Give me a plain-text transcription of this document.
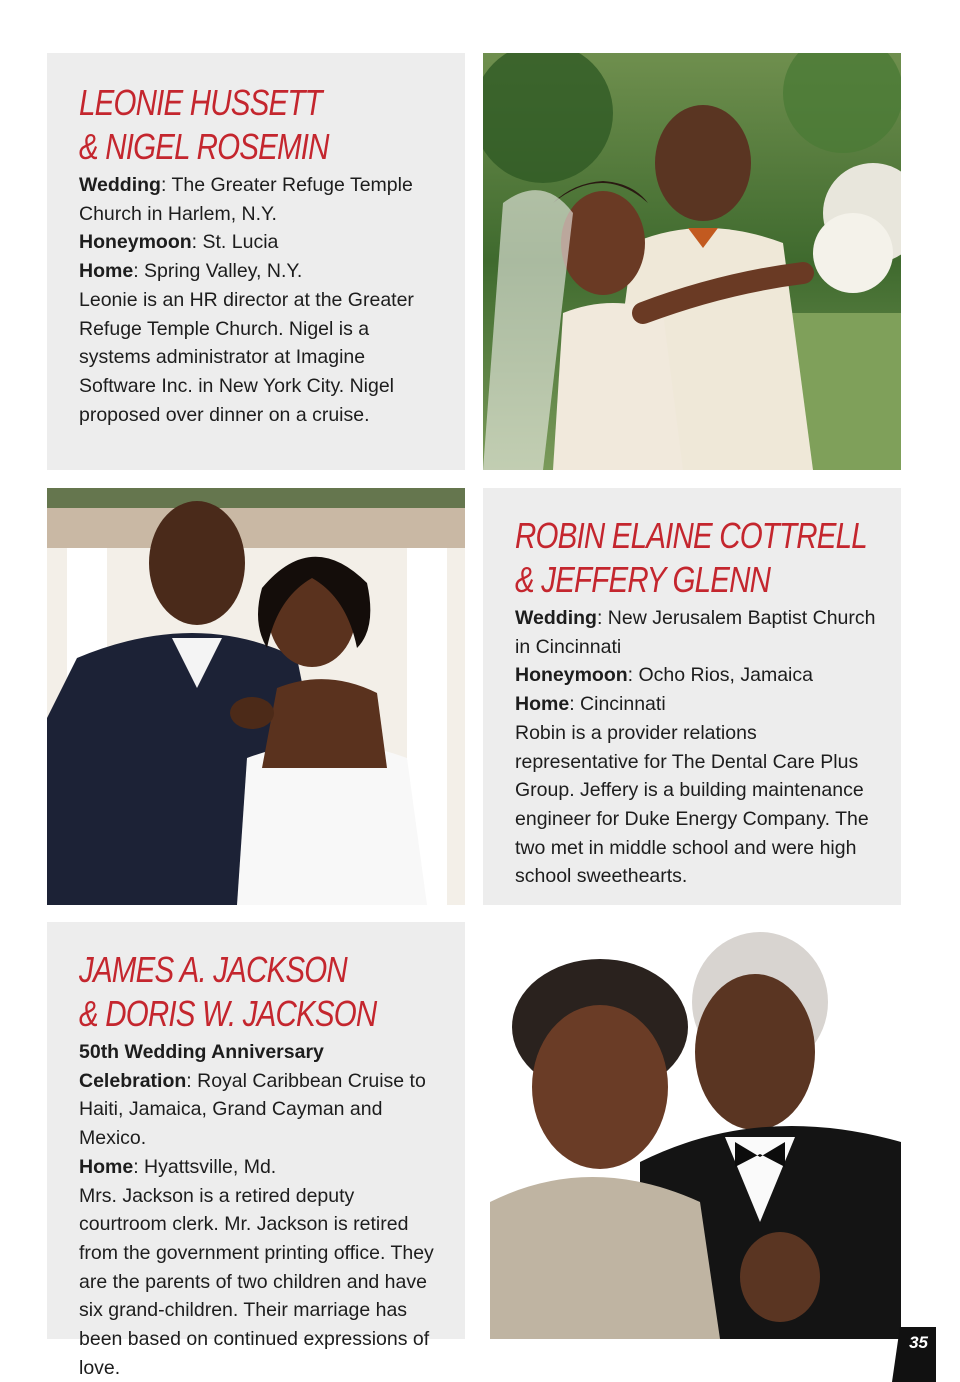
LEONIE HUSSETT
& NIGEL ROSEMIN

Wedding: The Greater Refuge Temple Church in Harlem, N.Y.

Honeymoon: St. Lucia

Home: Spring Valley, N.Y.

Leonie is an HR director at the Greater Refuge Temple Church. Nigel is a systems administrator at Imagine Software Inc. in New York City. Nigel proposed over dinner on a cruise.

ROBIN ELAINE COTTRELL
& JEFFERY GLENN

Wedding: New Jerusalem Baptist Church in Cincinnati

Honeymoon: Ocho Rios, Jamaica

Home: Cincinnati

Robin is a provider relations representative for The Dental Care Plus Group. Jeffery is a building maintenance engineer for Duke Energy Company. The two met in middle school and were high school sweethearts.

JAMES A. JACKSON
& DORIS W. JACKSON

50th Wedding Anniversary

Celebration: Royal Caribbean Cruise to Haiti, Jamaica, Grand Cayman and Mexico.

Home: Hyattsville, Md.

Mrs. Jackson is a retired deputy courtroom clerk. Mr. Jackson is retired from the government printing office. They are the parents of two children and have six grand-children. Their marriage has been based on continued expressions of love.

35
